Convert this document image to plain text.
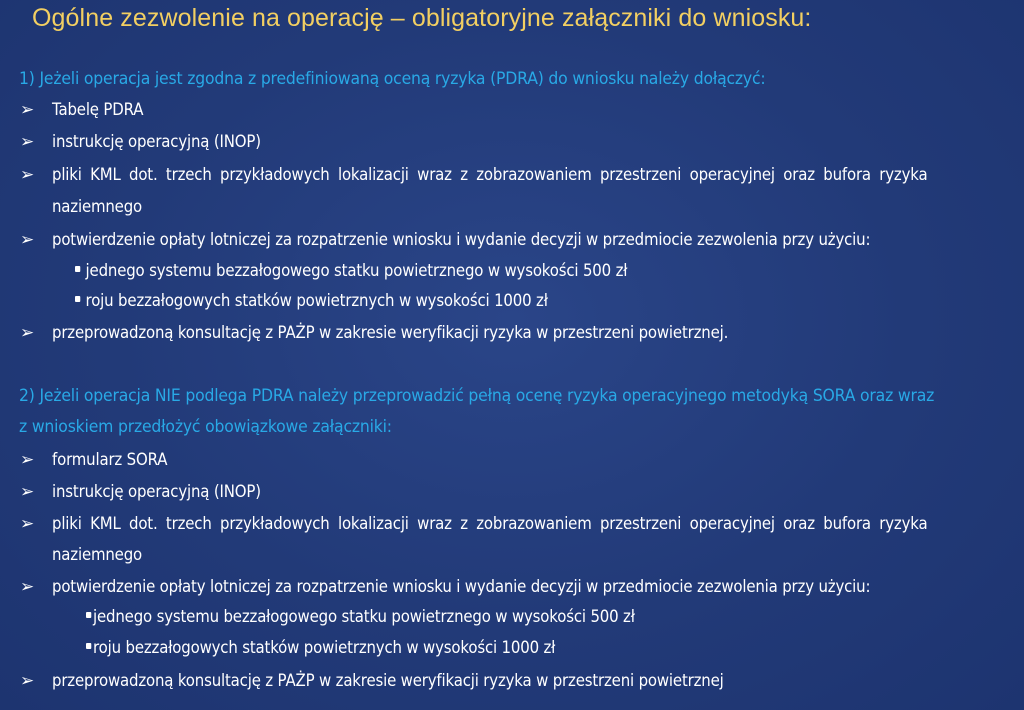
Ogólne zezwolenie na operację – obligatoryjne załączniki do wniosku:
1) Jeżeli operacja jest zgodna z predefiniowaną oceną ryzyka (PDRA) do wniosku należy dołączyć:
➢ Tabelę PDRA
➢ instrukcję operacyjną (INOP)
➢ pliki KML dot. trzech przykładowych lokalizacji wraz z zobrazowaniem przestrzeni operacyjnej oraz bufora ryzyka
naziemnego
➢ potwierdzenie opłaty lotniczej za rozpatrzenie wniosku i wydanie decyzji w przedmiocie zezwolenia przy użyciu:
jednego systemu bezzałogowego statku powietrznego w wysokości 500 zł
roju bezzałogowych statków powietrznych w wysokości 1000 zł
➢ przeprowadzoną konsultację z PAŻP w zakresie weryfikacji ryzyka w przestrzeni powietrznej.
2) Jeżeli operacja NIE podlega PDRA należy przeprowadzić pełną ocenę ryzyka operacyjnego metodyką SORA oraz wraz
z wnioskiem przedłożyć obowiązkowe załączniki:
➢ formularz SORA
➢ instrukcję operacyjną (INOP)
➢ pliki KML dot. trzech przykładowych lokalizacji wraz z zobrazowaniem przestrzeni operacyjnej oraz bufora ryzyka
naziemnego
➢ potwierdzenie opłaty lotniczej za rozpatrzenie wniosku i wydanie decyzji w przedmiocie zezwolenia przy użyciu:
jednego systemu bezzałogowego statku powietrznego w wysokości 500 zł
roju bezzałogowych statków powietrznych w wysokości 1000 zł
➢ przeprowadzoną konsultację z PAŻP w zakresie weryfikacji ryzyka w przestrzeni powietrznej
